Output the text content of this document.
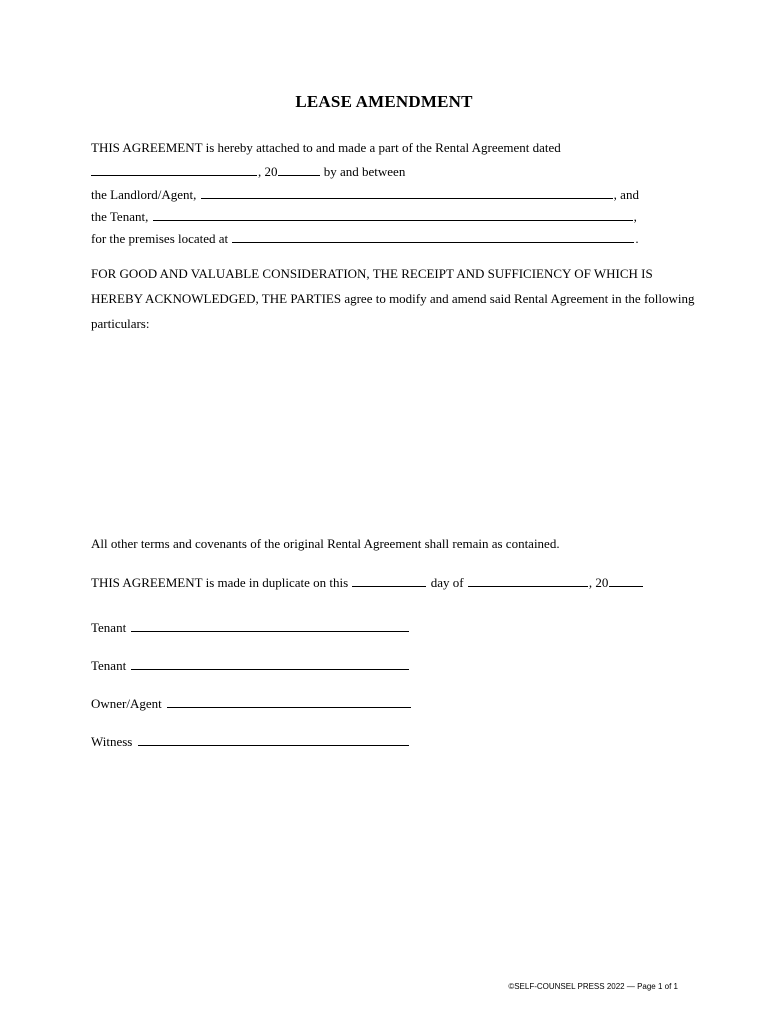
LEASE AMENDMENT
THIS AGREEMENT is hereby attached to and made a part of the Rental Agreement dated
, 20	by and between
the Landlord/Agent,	, and
the Tenant,	,
for the premises located at	.
FOR GOOD AND VALUABLE CONSIDERATION, THE RECEIPT AND SUFFICIENCY OF WHICH IS
HEREBY ACKNOWLEDGED, THE PARTIES agree to modify and amend said Rental Agreement in the following
particulars:
All other terms and covenants of the original Rental Agreement shall remain as contained.
THIS AGREEMENT is made in duplicate on this	day of	, 20
Tenant
Tenant
Owner/Agent
Witness
©SELF-COUNSEL PRESS 2022 — Page 1 of 1
